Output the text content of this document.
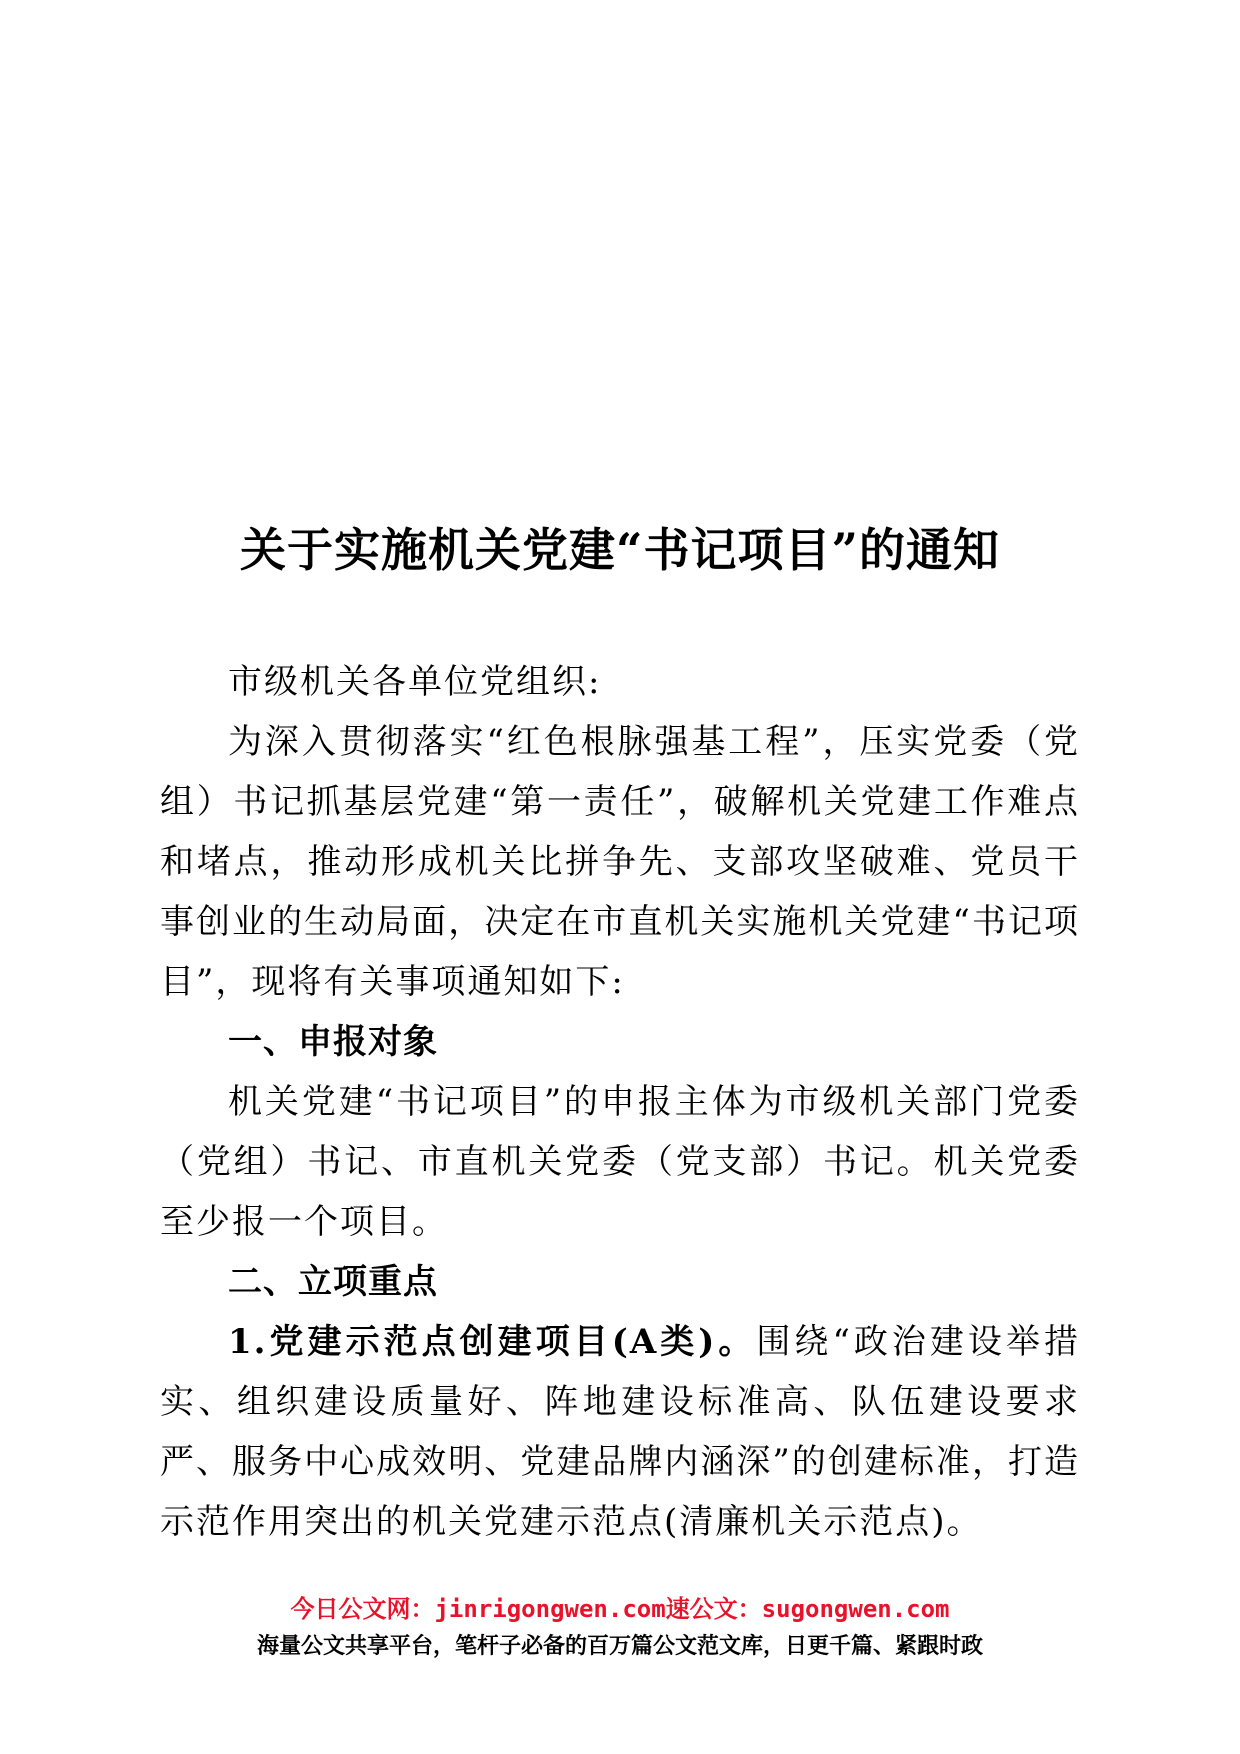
关于实施机关党建“书记项目”的通知

市级机关各单位党组织:

为深入贯彻落实“红色根脉强基工程”，压实党委（党组）书记抓基层党建“第一责任”，破解机关党建工作难点和堵点，推动形成机关比拼争先、支部攻坚破难、党员干事创业的生动局面，决定在市直机关实施机关党建“书记项目”，现将有关事项通知如下:

一、申报对象

机关党建“书记项目”的申报主体为市级机关部门党委（党组）书记、市直机关党委（党支部）书记。机关党委至少报一个项目。

二、立项重点

1.党建示范点创建项目(A类)。围绕“政治建设举措实、组织建设质量好、阵地建设标准高、队伍建设要求严、服务中心成效明、党建品牌内涵深”的创建标准，打造示范作用突出的机关党建示范点(清廉机关示范点)。

今日公文网：jinrigongwen.com速公文：sugongwen.com
海量公文共享平台，笔杆子必备的百万篇公文范文库，日更千篇、紧跟时政
